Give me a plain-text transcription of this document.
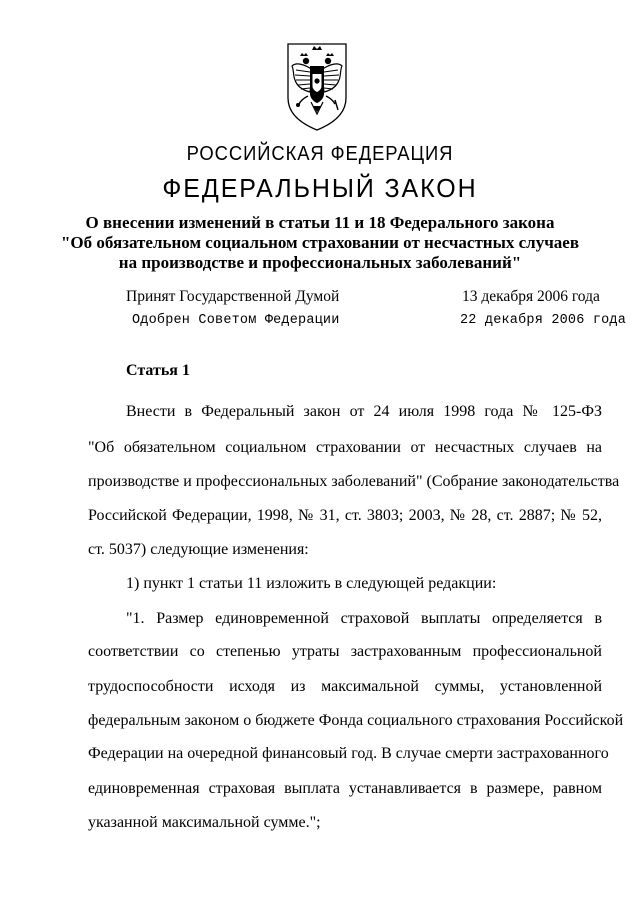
РОССИЙСКАЯ ФЕДЕРАЦИЯ
ФЕДЕРАЛЬНЫЙ ЗАКОН
О внесении изменений в статьи 11 и 18 Федерального закона
"Об обязательном социальном страховании от несчастных случаев
на производстве и профессиональных заболеваний"
Принят Государственной Думой	13 декабря 2006 года
Одобрен Советом Федерации	22 декабря 2006 года
Статья 1
Внести в Федеральный закон от 24 июля 1998 года № 125-ФЗ
"Об обязательном социальном страховании от несчастных случаев на
производстве и профессиональных заболеваний" (Собрание законодательства
Российской Федерации, 1998, № 31, ст. 3803; 2003, № 28, ст. 2887; № 52,
ст. 5037) следующие изменения:
1) пункт 1 статьи 11 изложить в следующей редакции:
"1. Размер единовременной страховой выплаты определяется в
соответствии со степенью утраты застрахованным профессиональной
трудоспособности исходя из максимальной суммы, установленной
федеральным законом о бюджете Фонда социального страхования Российской
Федерации на очередной финансовый год. В случае смерти застрахованного
единовременная страховая выплата устанавливается в размере, равном
указанной максимальной сумме.";
